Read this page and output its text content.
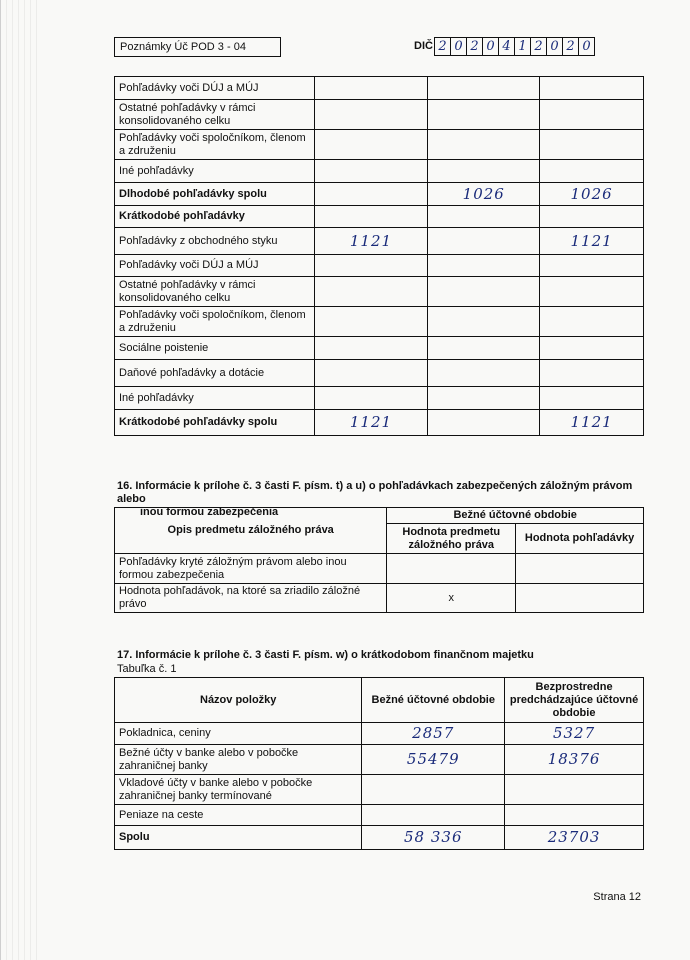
Poznámky Úč POD 3 - 04	DIČ 2 0 2 0 4 1 2 0 2 0
Pohľadávky voči DÚJ a MÚJ			
Ostatné pohľadávky v rámci konsolidovaného celku			
Pohľadávky voči spoločníkom, členom a združeniu			
Iné pohľadávky			
Dlhodobé pohľadávky spolu		1026	1026
Krátkodobé pohľadávky			
Pohľadávky z obchodného styku	1121		1121
Pohľadávky voči DÚJ a MÚJ			
Ostatné pohľadávky v rámci konsolidovaného celku			
Pohľadávky voči spoločníkom, členom a združeniu			
Sociálne poistenie			
Daňové pohľadávky a dotácie			
Iné pohľadávky			
Krátkodobé pohľadávky spolu	1121		1121
16. Informácie k prílohe č. 3 časti F. písm. t) a u) o pohľadávkach zabezpečených záložným právom alebo
inou formou zabezpečenia
Opis predmetu záložného práva	Bežné účtovné obdobie	
	Hodnota predmetu záložného práva	Hodnota pohľadávky
Pohľadávky kryté záložným právom alebo inou formou zabezpečenia		
Hodnota pohľadávok, na ktoré sa zriadilo záložné právo	x	
17. Informácie k prílohe č. 3 časti F. písm. w) o krátkodobom finančnom majetku
Tabuľka č. 1
Názov položky	Bežné účtovné obdobie	Bezprostredne predchádzajúce účtovné obdobie
Pokladnica, ceniny	2857	5327
Bežné účty v banke alebo v pobočke zahraničnej banky	55479	18376
Vkladové účty v banke alebo v pobočke zahraničnej banky termínované		
Peniaze na ceste		
Spolu	58 336	23703
Strana 12
